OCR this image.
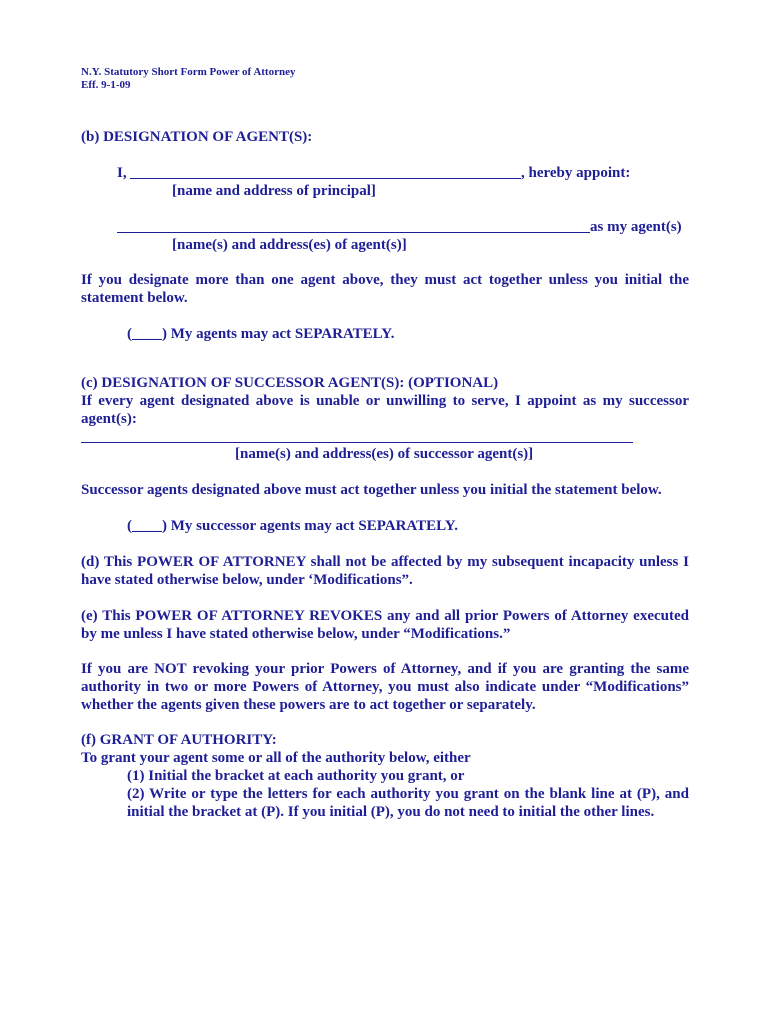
N.Y. Statutory Short Form Power of Attorney
Eff. 9-1-09
(b) DESIGNATION OF AGENT(S):
I,	, hereby appoint:
[name and address of principal]
as my agent(s)
[name(s) and address(es) of agent(s)]
If you designate more than one agent above, they must act together unless you initial the statement below.
(____) My agents may act SEPARATELY.
(c) DESIGNATION OF SUCCESSOR AGENT(S): (OPTIONAL)
If every agent designated above is unable or unwilling to serve, I appoint as my successor agent(s):
[name(s) and address(es) of successor agent(s)]
Successor agents designated above must act together unless you initial the statement below.
(____) My successor agents may act SEPARATELY.
(d) This POWER OF ATTORNEY shall not be affected by my subsequent incapacity unless I have stated otherwise below, under ‘Modifications”.
(e) This POWER OF ATTORNEY REVOKES any and all prior Powers of Attorney executed by me unless I have stated otherwise below, under “Modifications.”
If you are NOT revoking your prior Powers of Attorney, and if you are granting the same authority in two or more Powers of Attorney, you must also indicate under “Modifications” whether the agents given these powers are to act together or separately.
(f) GRANT OF AUTHORITY:
To grant your agent some or all of the authority below, either
(1) Initial the bracket at each authority you grant, or
(2) Write or type the letters for each authority you grant on the blank line at (P), and initial the bracket at (P). If you initial (P), you do not need to initial the other lines.
